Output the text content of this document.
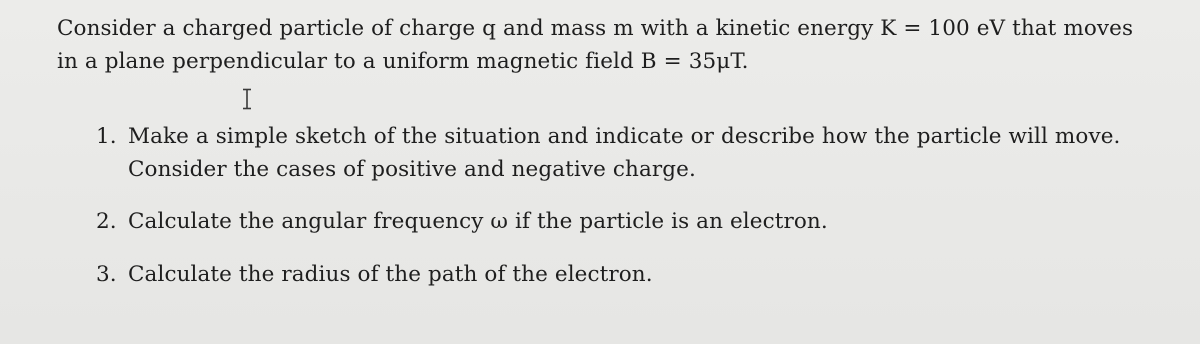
Consider a charged particle of charge q and mass m with a kinetic energy K = 100 eV that moves
in a plane perpendicular to a uniform magnetic field B = 35μT.
1. Make a simple sketch of the situation and indicate or describe how the particle will move.
Consider the cases of positive and negative charge.
2. Calculate the angular frequency ω if the particle is an electron.
3. Calculate the radius of the path of the electron.
